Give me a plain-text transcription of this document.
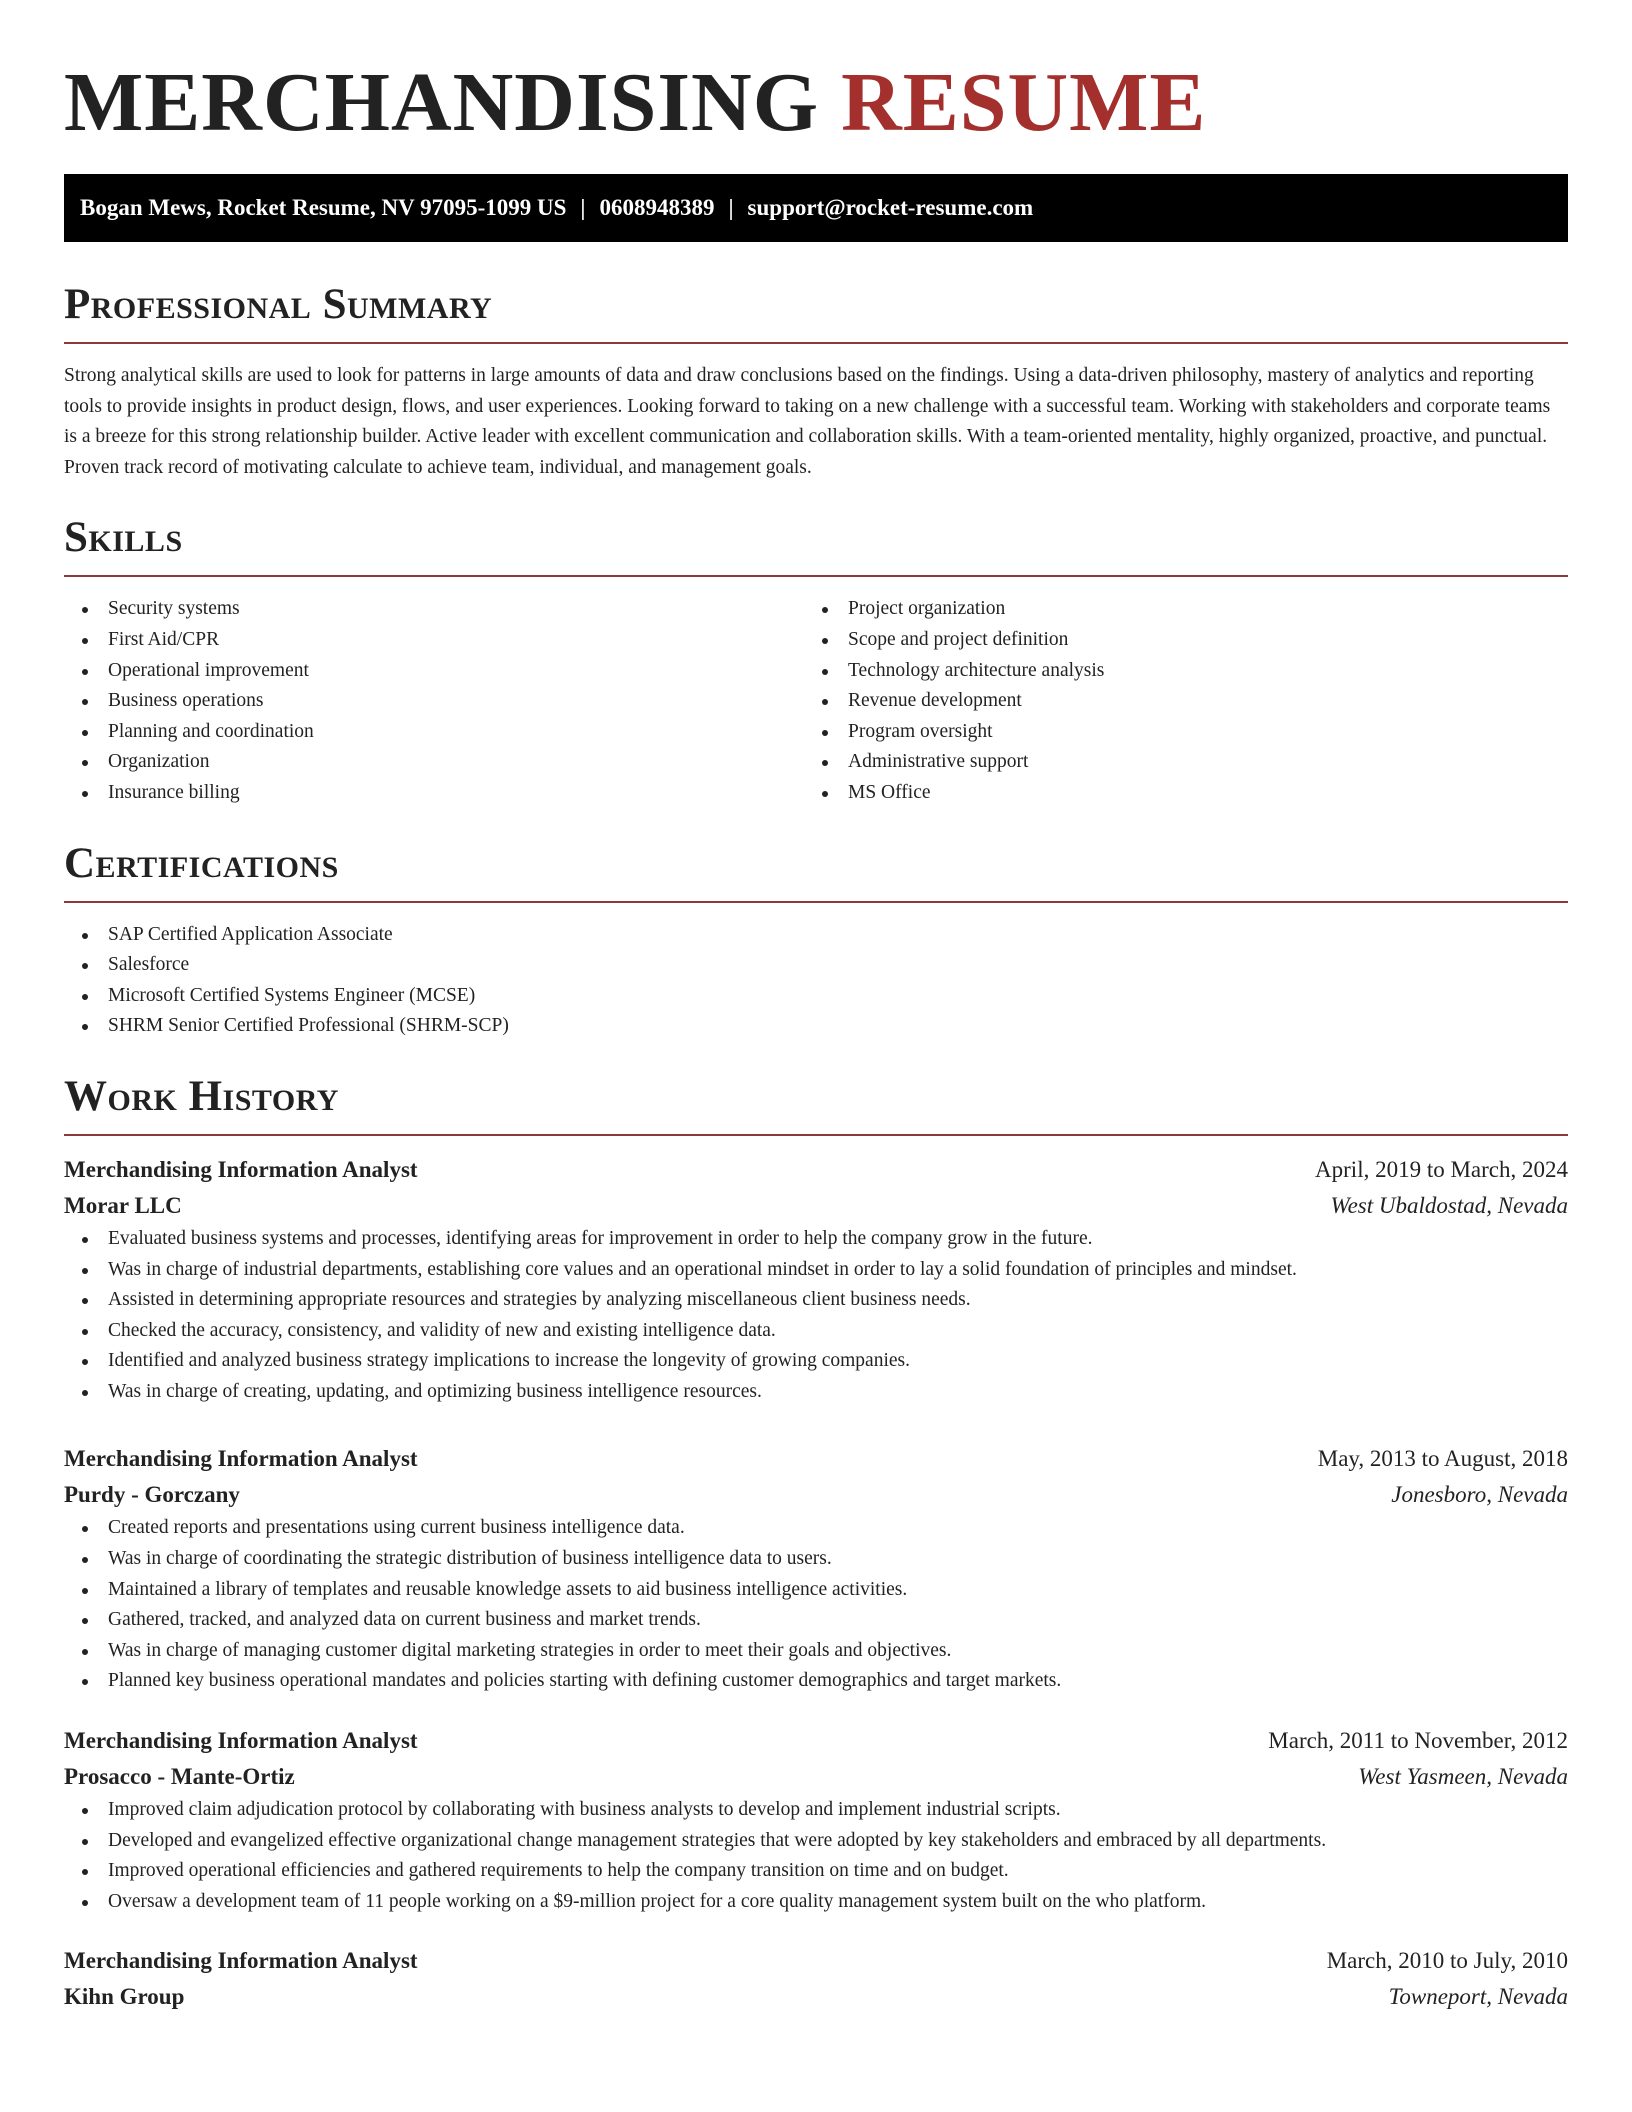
MERCHANDISING RESUME
Bogan Mews, Rocket Resume, NV 97095-1099 US | 0608948389 | support@rocket-resume.com
Professional Summary

Strong analytical skills are used to look for patterns in large amounts of data and draw conclusions based on the findings. Using a data-driven philosophy, mastery of analytics and reporting tools to provide insights in product design, flows, and user experiences. Looking forward to taking on a new challenge with a successful team. Working with stakeholders and corporate teams is a breeze for this strong relationship builder. Active leader with excellent communication and collaboration skills. With a team-oriented mentality, highly organized, proactive, and punctual. Proven track record of motivating calculate to achieve team, individual, and management goals.

Skills
Security systems
First Aid/CPR
Operational improvement
Business operations
Planning and coordination
Organization
Insurance billing
Project organization
Scope and project definition
Technology architecture analysis
Revenue development
Program oversight
Administrative support
MS Office
Certifications
SAP Certified Application Associate
Salesforce
Microsoft Certified Systems Engineer (MCSE)
SHRM Senior Certified Professional (SHRM-SCP)
Work History
Merchandising Information Analyst	April, 2019 to March, 2024
Morar LLC	West Ubaldostad, Nevada
Evaluated business systems and processes, identifying areas for improvement in order to help the company grow in the future.
Was in charge of industrial departments, establishing core values and an operational mindset in order to lay a solid foundation of principles and mindset.
Assisted in determining appropriate resources and strategies by analyzing miscellaneous client business needs.
Checked the accuracy, consistency, and validity of new and existing intelligence data.
Identified and analyzed business strategy implications to increase the longevity of growing companies.
Was in charge of creating, updating, and optimizing business intelligence resources.
Merchandising Information Analyst	May, 2013 to August, 2018
Purdy - Gorczany	Jonesboro, Nevada
Created reports and presentations using current business intelligence data.
Was in charge of coordinating the strategic distribution of business intelligence data to users.
Maintained a library of templates and reusable knowledge assets to aid business intelligence activities.
Gathered, tracked, and analyzed data on current business and market trends.
Was in charge of managing customer digital marketing strategies in order to meet their goals and objectives.
Planned key business operational mandates and policies starting with defining customer demographics and target markets.
Merchandising Information Analyst	March, 2011 to November, 2012
Prosacco - Mante-Ortiz	West Yasmeen, Nevada
Improved claim adjudication protocol by collaborating with business analysts to develop and implement industrial scripts.
Developed and evangelized effective organizational change management strategies that were adopted by key stakeholders and embraced by all departments.
Improved operational efficiencies and gathered requirements to help the company transition on time and on budget.
Oversaw a development team of 11 people working on a $9-million project for a core quality management system built on the who platform.
Merchandising Information Analyst	March, 2010 to July, 2010
Kihn Group	Towneport, Nevada
